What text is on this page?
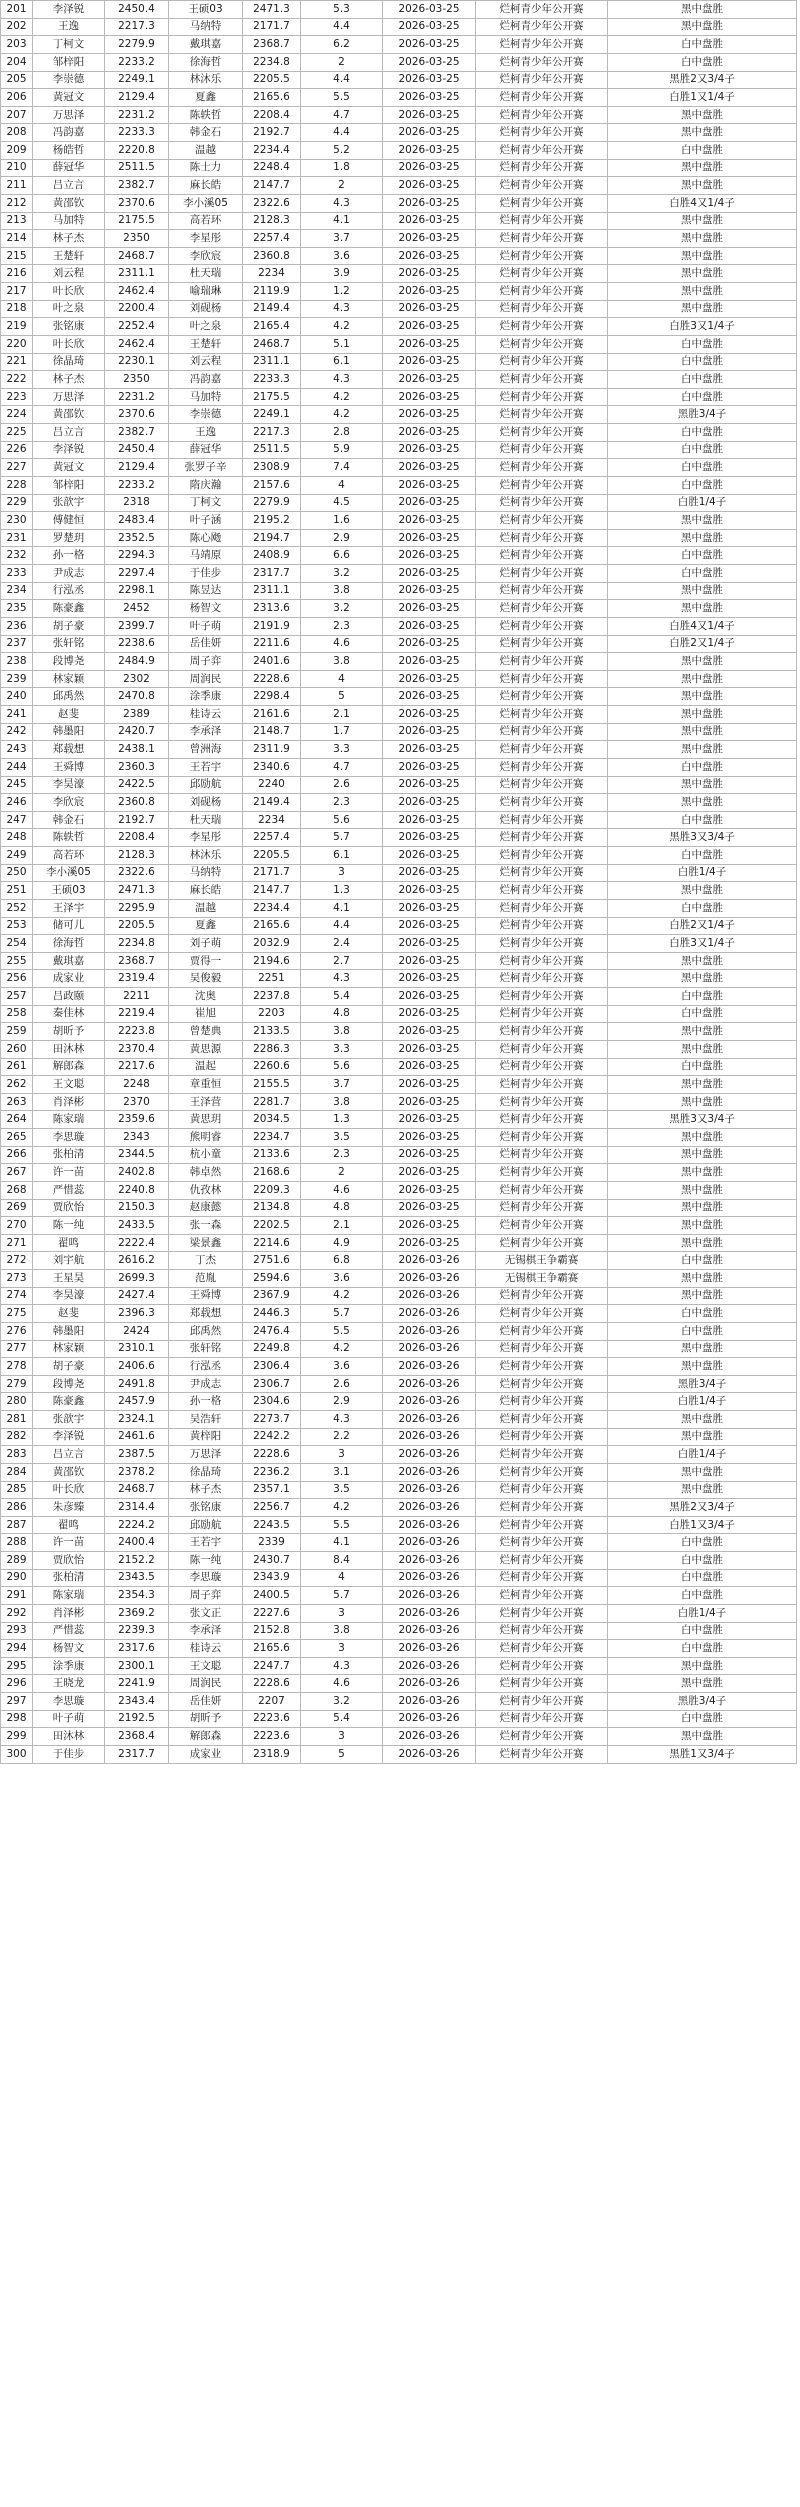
201	李泽锐	2450.4	王硕03	2471.3	5.3	2026-03-25	烂柯青少年公开赛	黑中盘胜
202	王逸	2217.3	马纳特	2171.7	4.4	2026-03-25	烂柯青少年公开赛	黑中盘胜
203	丁柯文	2279.9	戴琪嘉	2368.7	6.2	2026-03-25	烂柯青少年公开赛	白中盘胜
204	邹梓阳	2233.2	徐海哲	2234.8	2	2026-03-25	烂柯青少年公开赛	白中盘胜
205	李崇德	2249.1	林沐乐	2205.5	4.4	2026-03-25	烂柯青少年公开赛	黑胜2又3/4子
206	黄冠文	2129.4	夏鑫	2165.6	5.5	2026-03-25	烂柯青少年公开赛	白胜1又1/4子
207	万思泽	2231.2	陈轶哲	2208.4	4.7	2026-03-25	烂柯青少年公开赛	黑中盘胜
208	冯韵嘉	2233.3	韩金石	2192.7	4.4	2026-03-25	烂柯青少年公开赛	黑中盘胜
209	杨皓哲	2220.8	温越	2234.4	5.2	2026-03-25	烂柯青少年公开赛	白中盘胜
210	薛冠华	2511.5	陈士力	2248.4	1.8	2026-03-25	烂柯青少年公开赛	黑中盘胜
211	吕立言	2382.7	麻长皓	2147.7	2	2026-03-25	烂柯青少年公开赛	黑中盘胜
212	黄邵钦	2370.6	李小溪05	2322.6	4.3	2026-03-25	烂柯青少年公开赛	白胜4又1/4子
213	马加特	2175.5	高若环	2128.3	4.1	2026-03-25	烂柯青少年公开赛	黑中盘胜
214	林子杰	2350	李星彤	2257.4	3.7	2026-03-25	烂柯青少年公开赛	黑中盘胜
215	王楚轩	2468.7	李欣宸	2360.8	3.6	2026-03-25	烂柯青少年公开赛	黑中盘胜
216	刘云程	2311.1	杜天瑞	2234	3.9	2026-03-25	烂柯青少年公开赛	黑中盘胜
217	叶长欣	2462.4	喻瑞琳	2119.9	1.2	2026-03-25	烂柯青少年公开赛	黑中盘胜
218	叶之泉	2200.4	刘砚杨	2149.4	4.3	2026-03-25	烂柯青少年公开赛	黑中盘胜
219	张铭康	2252.4	叶之泉	2165.4	4.2	2026-03-25	烂柯青少年公开赛	白胜3又1/4子
220	叶长欣	2462.4	王楚轩	2468.7	5.1	2026-03-25	烂柯青少年公开赛	白中盘胜
221	徐晶琦	2230.1	刘云程	2311.1	6.1	2026-03-25	烂柯青少年公开赛	白中盘胜
222	林子杰	2350	冯韵嘉	2233.3	4.3	2026-03-25	烂柯青少年公开赛	白中盘胜
223	万思泽	2231.2	马加特	2175.5	4.2	2026-03-25	烂柯青少年公开赛	白中盘胜
224	黄邵钦	2370.6	李崇德	2249.1	4.2	2026-03-25	烂柯青少年公开赛	黑胜3/4子
225	吕立言	2382.7	王逸	2217.3	2.8	2026-03-25	烂柯青少年公开赛	白中盘胜
226	李泽锐	2450.4	薛冠华	2511.5	5.9	2026-03-25	烂柯青少年公开赛	白中盘胜
227	黄冠文	2129.4	张罗子辛	2308.9	7.4	2026-03-25	烂柯青少年公开赛	白中盘胜
228	邹梓阳	2233.2	隋庆瀚	2157.6	4	2026-03-25	烂柯青少年公开赛	白中盘胜
229	张歆宇	2318	丁柯文	2279.9	4.5	2026-03-25	烂柯青少年公开赛	白胜1/4子
230	傅健恒	2483.4	叶子涵	2195.2	1.6	2026-03-25	烂柯青少年公开赛	黑中盘胜
231	罗楚玥	2352.5	陈心飏	2194.7	2.9	2026-03-25	烂柯青少年公开赛	黑中盘胜
232	孙一格	2294.3	马靖原	2408.9	6.6	2026-03-25	烂柯青少年公开赛	白中盘胜
233	尹成志	2297.4	于佳步	2317.7	3.2	2026-03-25	烂柯青少年公开赛	白中盘胜
234	行泓丞	2298.1	陈昱达	2311.1	3.8	2026-03-25	烂柯青少年公开赛	黑中盘胜
235	陈豪鑫	2452	杨智文	2313.6	3.2	2026-03-25	烂柯青少年公开赛	黑中盘胜
236	胡子豪	2399.7	叶子萌	2191.9	2.3	2026-03-25	烂柯青少年公开赛	白胜4又1/4子
237	张轩铭	2238.6	岳佳妍	2211.6	4.6	2026-03-25	烂柯青少年公开赛	白胜2又1/4子
238	段博尧	2484.9	周子弈	2401.6	3.8	2026-03-25	烂柯青少年公开赛	黑中盘胜
239	林家颖	2302	周润民	2228.6	4	2026-03-25	烂柯青少年公开赛	黑中盘胜
240	邱禹然	2470.8	涂季康	2298.4	5	2026-03-25	烂柯青少年公开赛	黑中盘胜
241	赵斐	2389	桂诗云	2161.6	2.1	2026-03-25	烂柯青少年公开赛	黑中盘胜
242	韩墨阳	2420.7	李承泽	2148.7	1.7	2026-03-25	烂柯青少年公开赛	黑中盘胜
243	郑载想	2438.1	曾洲海	2311.9	3.3	2026-03-25	烂柯青少年公开赛	黑中盘胜
244	王舜博	2360.3	王若宇	2340.6	4.7	2026-03-25	烂柯青少年公开赛	白中盘胜
245	李昊濠	2422.5	邱励航	2240	2.6	2026-03-25	烂柯青少年公开赛	黑中盘胜
246	李欣宸	2360.8	刘砚杨	2149.4	2.3	2026-03-25	烂柯青少年公开赛	黑中盘胜
247	韩金石	2192.7	杜天瑞	2234	5.6	2026-03-25	烂柯青少年公开赛	白中盘胜
248	陈轶哲	2208.4	李星彤	2257.4	5.7	2026-03-25	烂柯青少年公开赛	黑胜3又3/4子
249	高若环	2128.3	林沐乐	2205.5	6.1	2026-03-25	烂柯青少年公开赛	白中盘胜
250	李小溪05	2322.6	马纳特	2171.7	3	2026-03-25	烂柯青少年公开赛	白胜1/4子
251	王硕03	2471.3	麻长皓	2147.7	1.3	2026-03-25	烂柯青少年公开赛	黑中盘胜
252	王泽宇	2295.9	温越	2234.4	4.1	2026-03-25	烂柯青少年公开赛	白中盘胜
253	储可儿	2205.5	夏鑫	2165.6	4.4	2026-03-25	烂柯青少年公开赛	白胜2又1/4子
254	徐海哲	2234.8	刘子萌	2032.9	2.4	2026-03-25	烂柯青少年公开赛	白胜3又1/4子
255	戴琪嘉	2368.7	贾得一	2194.6	2.7	2026-03-25	烂柯青少年公开赛	黑中盘胜
256	成家业	2319.4	吴俊毅	2251	4.3	2026-03-25	烂柯青少年公开赛	黑中盘胜
257	吕政颐	2211	沈奥	2237.8	5.4	2026-03-25	烂柯青少年公开赛	白中盘胜
258	秦佳林	2219.4	崔旭	2203	4.8	2026-03-25	烂柯青少年公开赛	白中盘胜
259	胡昕予	2223.8	曾楚典	2133.5	3.8	2026-03-25	烂柯青少年公开赛	黑中盘胜
260	田沐林	2370.4	黄思源	2286.3	3.3	2026-03-25	烂柯青少年公开赛	黑中盘胜
261	解郎森	2217.6	温起	2260.6	5.6	2026-03-25	烂柯青少年公开赛	白中盘胜
262	王文聪	2248	章重恒	2155.5	3.7	2026-03-25	烂柯青少年公开赛	黑中盘胜
263	肖泽彬	2370	王泽营	2281.7	3.8	2026-03-25	烂柯青少年公开赛	黑中盘胜
264	陈家瑞	2359.6	黄思玥	2034.5	1.3	2026-03-25	烂柯青少年公开赛	黑胜3又3/4子
265	李思璇	2343	熊明睿	2234.7	3.5	2026-03-25	烂柯青少年公开赛	黑中盘胜
266	张柏清	2344.5	杭小童	2133.6	2.3	2026-03-25	烂柯青少年公开赛	黑中盘胜
267	许一苗	2402.8	韩卓然	2168.6	2	2026-03-25	烂柯青少年公开赛	黑中盘胜
268	严惜蕊	2240.8	仇孜林	2209.3	4.6	2026-03-25	烂柯青少年公开赛	黑中盘胜
269	贾欣怡	2150.3	赵康懿	2134.8	4.8	2026-03-25	烂柯青少年公开赛	黑中盘胜
270	陈一纯	2433.5	张一森	2202.5	2.1	2026-03-25	烂柯青少年公开赛	黑中盘胜
271	翟鸣	2222.4	梁景鑫	2214.6	4.9	2026-03-25	烂柯青少年公开赛	黑中盘胜
272	刘宇航	2616.2	丁杰	2751.6	6.8	2026-03-26	无锡棋王争霸赛	白中盘胜
273	王星昊	2699.3	范胤	2594.6	3.6	2026-03-26	无锡棋王争霸赛	黑中盘胜
274	李昊濠	2427.4	王舜博	2367.9	4.2	2026-03-26	烂柯青少年公开赛	黑中盘胜
275	赵斐	2396.3	郑载想	2446.3	5.7	2026-03-26	烂柯青少年公开赛	白中盘胜
276	韩墨阳	2424	邱禹然	2476.4	5.5	2026-03-26	烂柯青少年公开赛	白中盘胜
277	林家颖	2310.1	张轩铭	2249.8	4.2	2026-03-26	烂柯青少年公开赛	黑中盘胜
278	胡子豪	2406.6	行泓丞	2306.4	3.6	2026-03-26	烂柯青少年公开赛	黑中盘胜
279	段博尧	2491.8	尹成志	2306.7	2.6	2026-03-26	烂柯青少年公开赛	黑胜3/4子
280	陈豪鑫	2457.9	孙一格	2304.6	2.9	2026-03-26	烂柯青少年公开赛	白胜1/4子
281	张歆宇	2324.1	吴浩轩	2273.7	4.3	2026-03-26	烂柯青少年公开赛	黑中盘胜
282	李泽锐	2461.6	黄梓阳	2242.2	2.2	2026-03-26	烂柯青少年公开赛	黑中盘胜
283	吕立言	2387.5	万思泽	2228.6	3	2026-03-26	烂柯青少年公开赛	白胜1/4子
284	黄邵钦	2378.2	徐晶琦	2236.2	3.1	2026-03-26	烂柯青少年公开赛	黑中盘胜
285	叶长欣	2468.7	林子杰	2357.1	3.5	2026-03-26	烂柯青少年公开赛	黑中盘胜
286	朱彦臻	2314.4	张铭康	2256.7	4.2	2026-03-26	烂柯青少年公开赛	黑胜2又3/4子
287	翟鸣	2224.2	邱励航	2243.5	5.5	2026-03-26	烂柯青少年公开赛	白胜1又3/4子
288	许一苗	2400.4	王若宇	2339	4.1	2026-03-26	烂柯青少年公开赛	白中盘胜
289	贾欣怡	2152.2	陈一纯	2430.7	8.4	2026-03-26	烂柯青少年公开赛	白中盘胜
290	张柏清	2343.5	李思璇	2343.9	4	2026-03-26	烂柯青少年公开赛	白中盘胜
291	陈家瑞	2354.3	周子弈	2400.5	5.7	2026-03-26	烂柯青少年公开赛	白中盘胜
292	肖泽彬	2369.2	张文正	2227.6	3	2026-03-26	烂柯青少年公开赛	白胜1/4子
293	严惜蕊	2239.3	李承泽	2152.8	3.8	2026-03-26	烂柯青少年公开赛	白中盘胜
294	杨智文	2317.6	桂诗云	2165.6	3	2026-03-26	烂柯青少年公开赛	白中盘胜
295	涂季康	2300.1	王文聪	2247.7	4.3	2026-03-26	烂柯青少年公开赛	黑中盘胜
296	王晓龙	2241.9	周润民	2228.6	4.6	2026-03-26	烂柯青少年公开赛	黑中盘胜
297	李思璇	2343.4	岳佳妍	2207	3.2	2026-03-26	烂柯青少年公开赛	黑胜3/4子
298	叶子萌	2192.5	胡昕予	2223.6	5.4	2026-03-26	烂柯青少年公开赛	白中盘胜
299	田沐林	2368.4	解郎森	2223.6	3	2026-03-26	烂柯青少年公开赛	黑中盘胜
300	于佳步	2317.7	成家业	2318.9	5	2026-03-26	烂柯青少年公开赛	黑胜1又3/4子
